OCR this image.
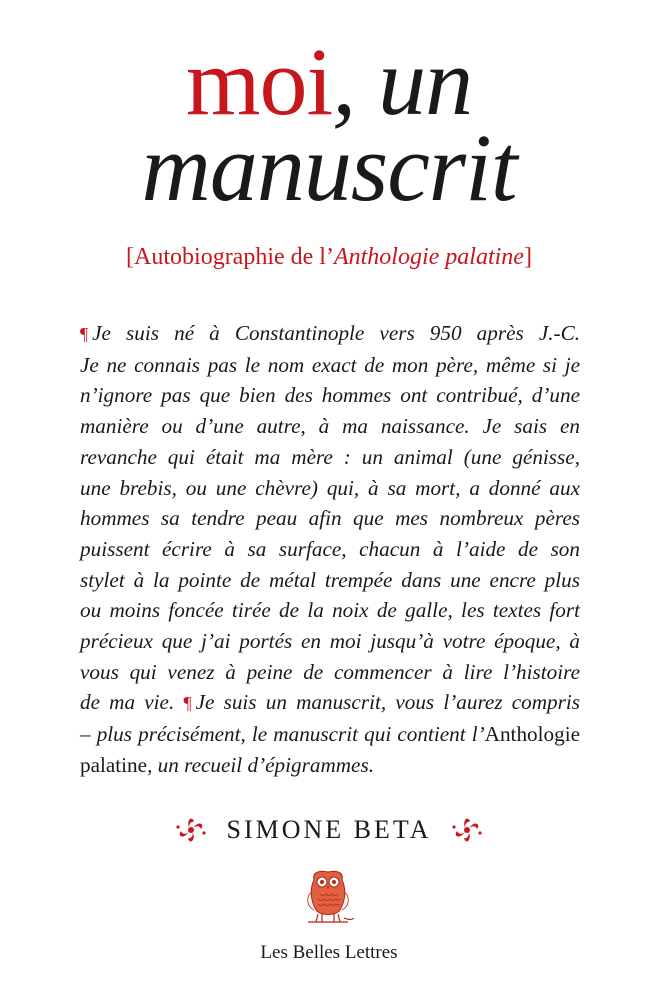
moi, un
manuscrit
[Autobiographie de l’Anthologie palatine]
¶ Je suis né à Constantinople vers 950 après J.-C.
Je ne connais pas le nom exact de mon père, même si je
n’ignore pas que bien des hommes ont contribué, d’une
manière ou d’une autre, à ma naissance. Je sais en
revanche qui était ma mère : un animal (une génisse,
une brebis, ou une chèvre) qui, à sa mort, a donné aux
hommes sa tendre peau afin que mes nombreux pères
puissent écrire à sa surface, chacun à l’aide de son
stylet à la pointe de métal trempée dans une encre plus
ou moins foncée tirée de la noix de galle, les textes fort
précieux que j’ai portés en moi jusqu’à votre époque, à
vous qui venez à peine de commencer à lire l’histoire
de ma vie. ¶ Je suis un manuscrit, vous l’aurez compris
– plus précisément, le manuscrit qui contient l’Anthologie
palatine, un recueil d’épigrammes.
SIMONE BETA
Les Belles Lettres
